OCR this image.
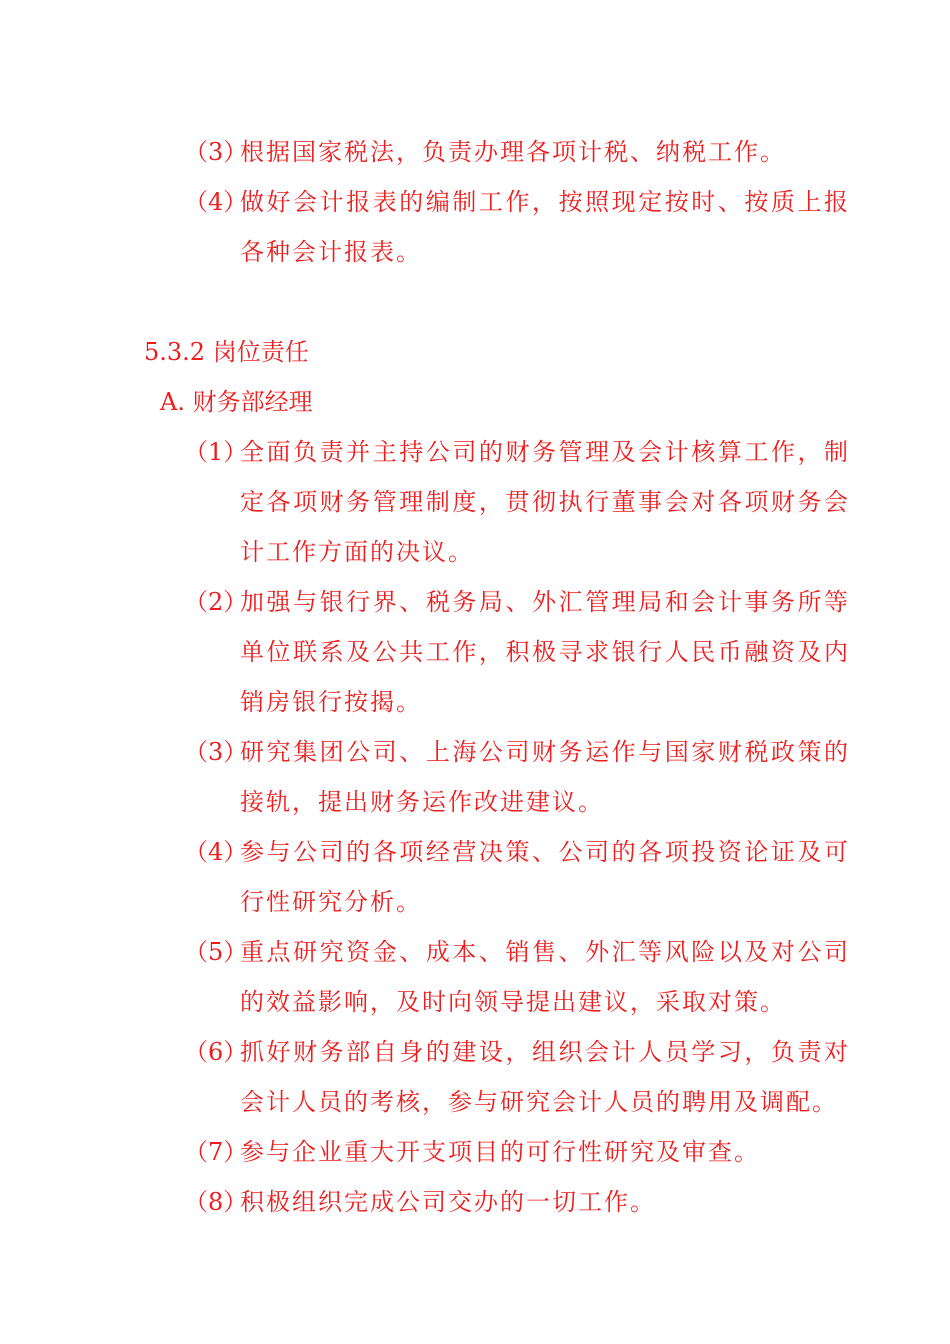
（3）
根据国家税法，负责办理各项计税、纳税工作。
（4）
做好会计报表的编制工作，按照现定按时、按质上报各种会计报表。
5.3.2 岗位责任
A. 财务部经理
（1）
全面负责并主持公司的财务管理及会计核算工作，制定各项财务管理制度，贯彻执行董事会对各项财务会计工作方面的决议。
（2）
加强与银行界、税务局、外汇管理局和会计事务所等单位联系及公共工作，积极寻求银行人民币融资及内销房银行按揭。
（3）
研究集团公司、上海公司财务运作与国家财税政策的接轨，提出财务运作改进建议。
（4）
参与公司的各项经营决策、公司的各项投资论证及可行性研究分析。
（5）
重点研究资金、成本、销售、外汇等风险以及对公司的效益影响，及时向领导提出建议，采取对策。
（6）
抓好财务部自身的建设，组织会计人员学习，负责对会计人员的考核，参与研究会计人员的聘用及调配。
（7）
参与企业重大开支项目的可行性研究及审查。
（8）
积极组织完成公司交办的一切工作。
